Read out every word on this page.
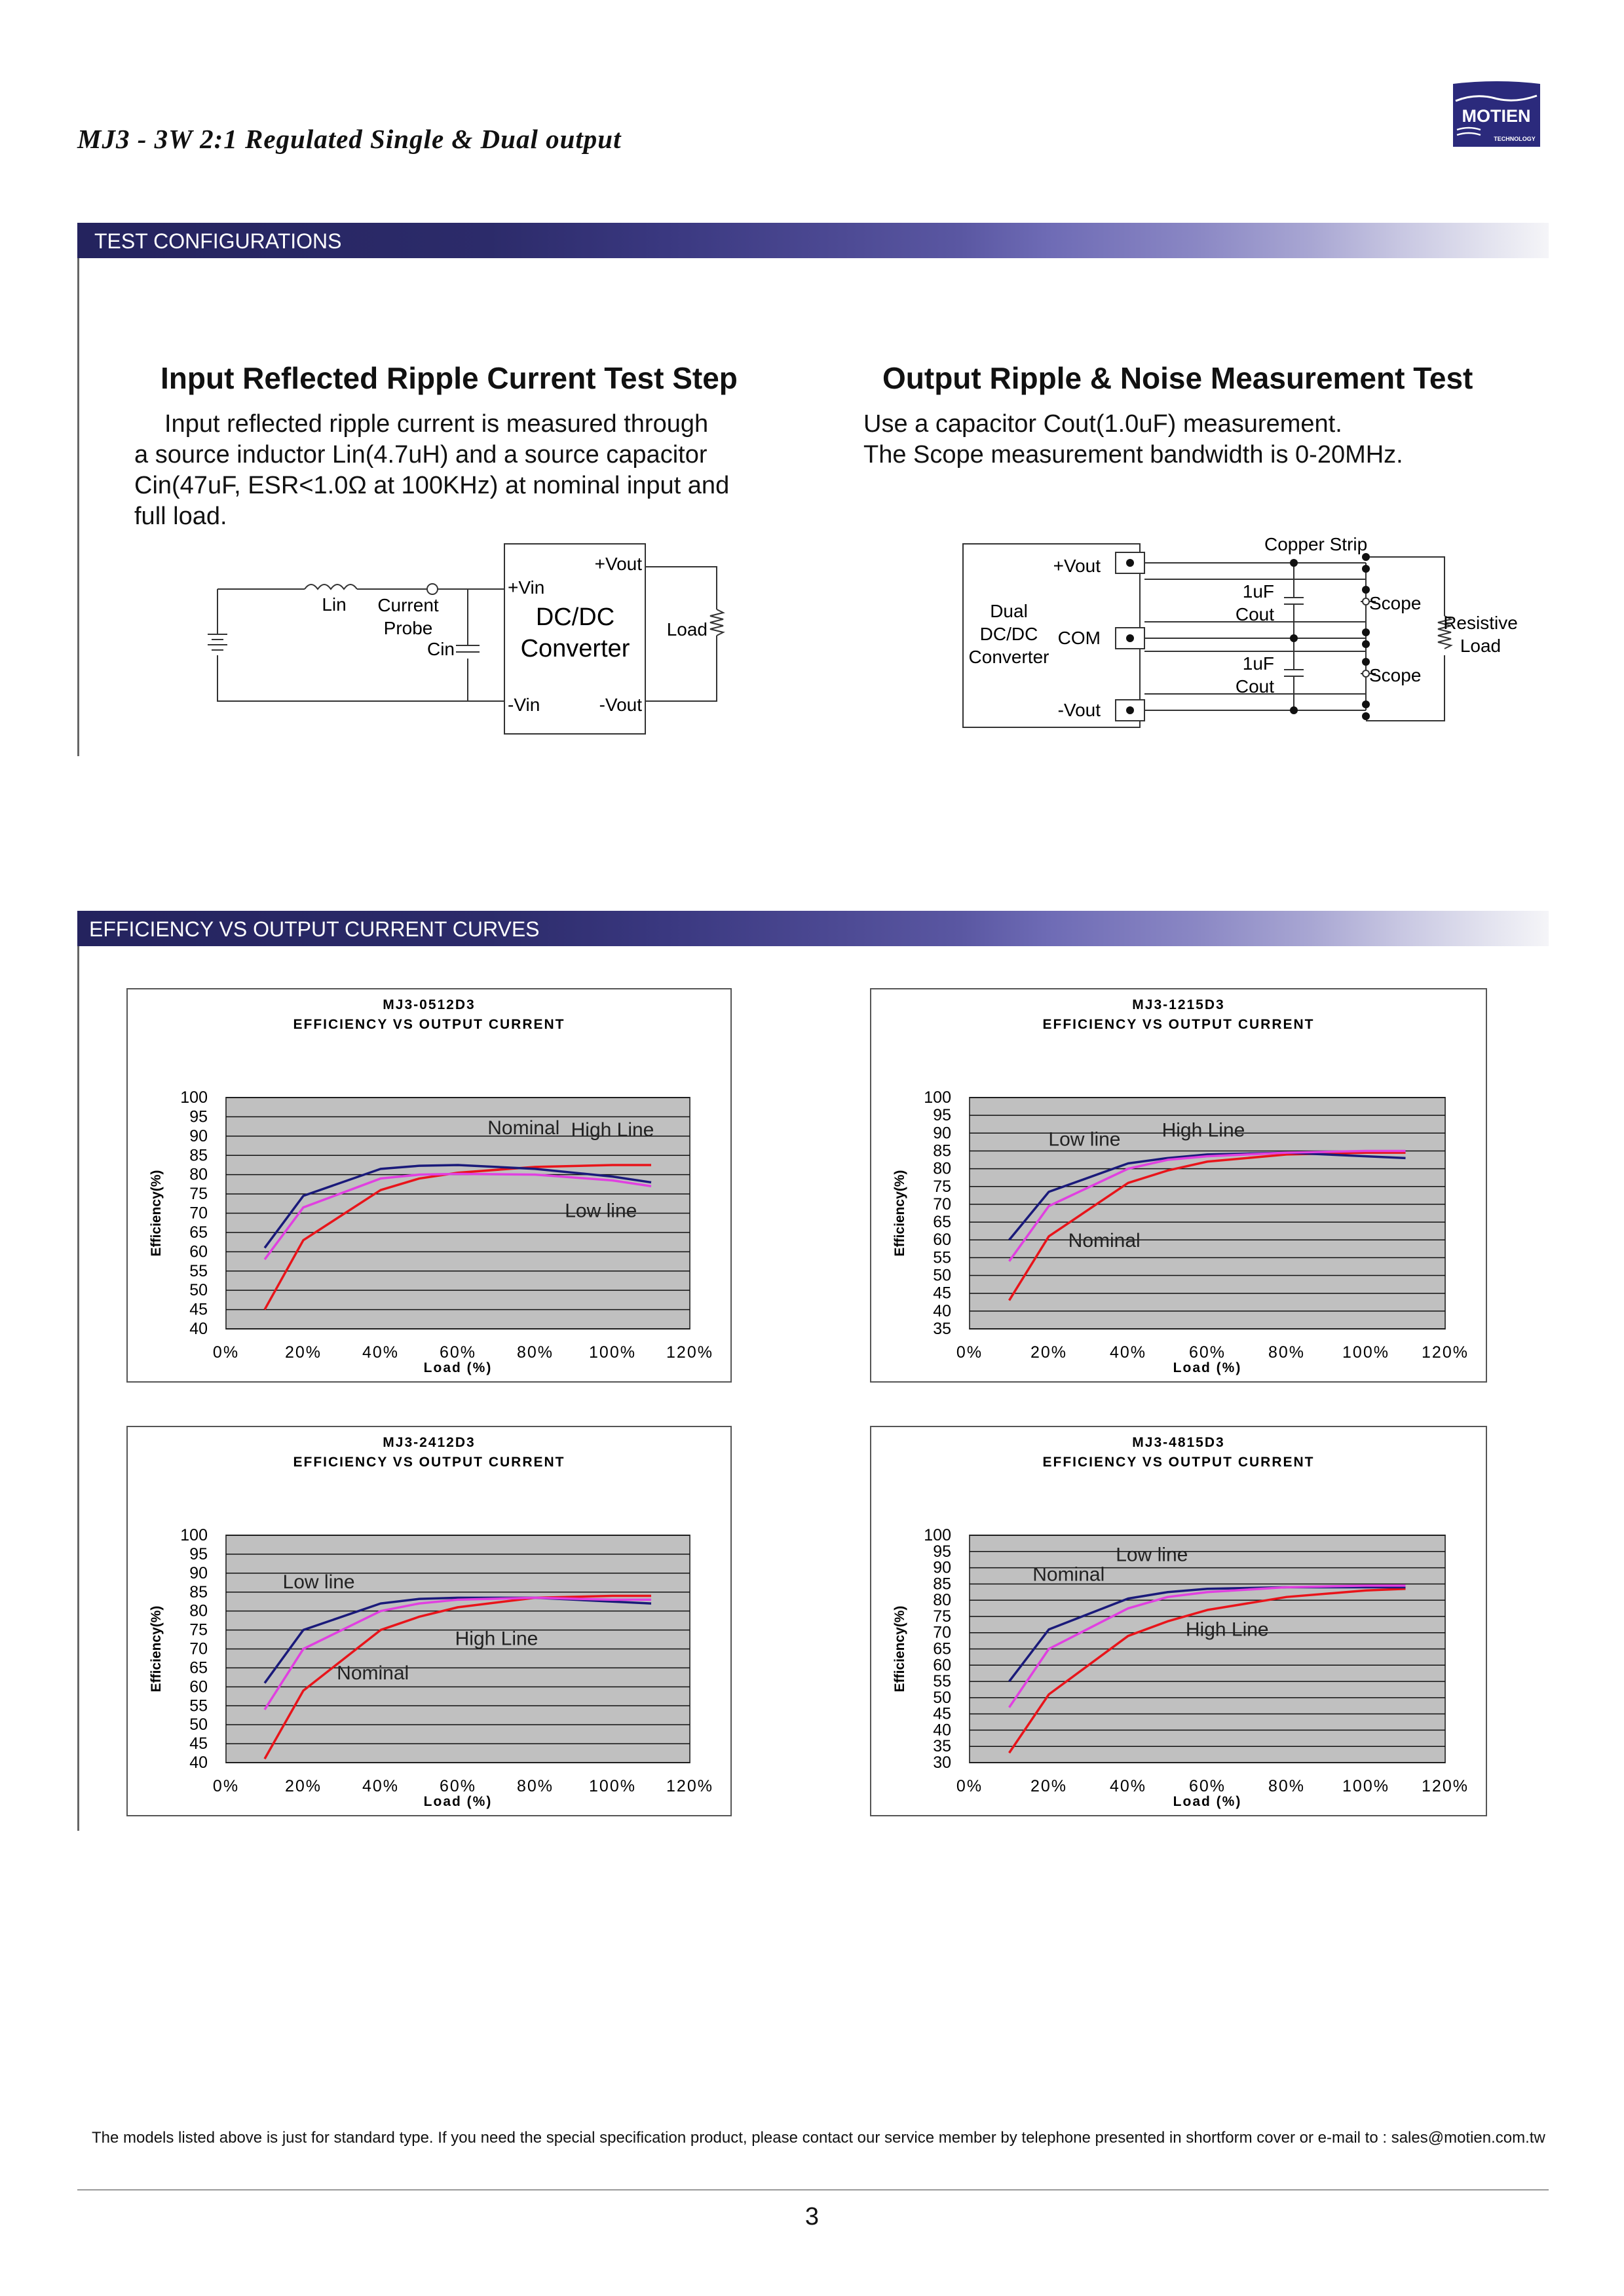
MJ3 - 3W 2:1 Regulated Single & Dual output
MOTIEN
TECHNOLOGY
TEST CONFIGURATIONS
Input Reflected Ripple Current Test Step
Input reflected ripple current is measured through
a source inductor Lin(4.7uH) and a source capacitor
Cin(47uF, ESR<1.0Ω at 100KHz) at nominal input and
full load.
Output Ripple & Noise Measurement Test
Use a capacitor Cout(1.0uF) measurement.
The Scope measurement bandwidth is 0-20MHz.
Lin Current
Probe
Cin
+Vin
+Vout
DC/DC
Converter
-Vin	-Vout
Load
Copper Strip
+Vout
COM
-Vout
Dual
DC/DC
Converter
1uF
Cout
1uF
Cout
Scope
Scope
Resistive
Load
EFFICIENCY VS OUTPUT CURRENT CURVES
MJ3-0512D3
EFFICIENCY VS OUTPUT CURRENT
40
45
50
55
60
65
70
75
80
85
90
95
100
0%	20% 40% 60% 80% 100% 120%
Load (%)
Efficiency(%)
Nominal High Line
Low line
MJ3-1215D3
EFFICIENCY VS OUTPUT CURRENT
35
40
45
50
55
60
65
70
75
80
85
90
95
100
0%	20%	40%	60%	80% 100% 120%
Load (%)
Efficiency(%)
Low line High Line
Nominal
MJ3-2412D3
EFFICIENCY VS OUTPUT CURRENT
40
45
50
55
60
65
70
75
80
85
90
95
100
0%	20% 40% 60% 80% 100% 120%
Load (%)
Efficiency(%)
Low line
High Line
Nominal
MJ3-4815D3
EFFICIENCY VS OUTPUT CURRENT
30
35
40
45
50
55
60
65
70
75
80
85
90
95
100
0%	20%	40%	60%	80% 100% 120%
Load (%)
Efficiency(%)
Low line
Nominal
High Line
The models listed above is just for standard type. If you need the special specification product, please contact our service member by telephone presented in shortform cover or e-mail to : sales@motien.com.tw
3
